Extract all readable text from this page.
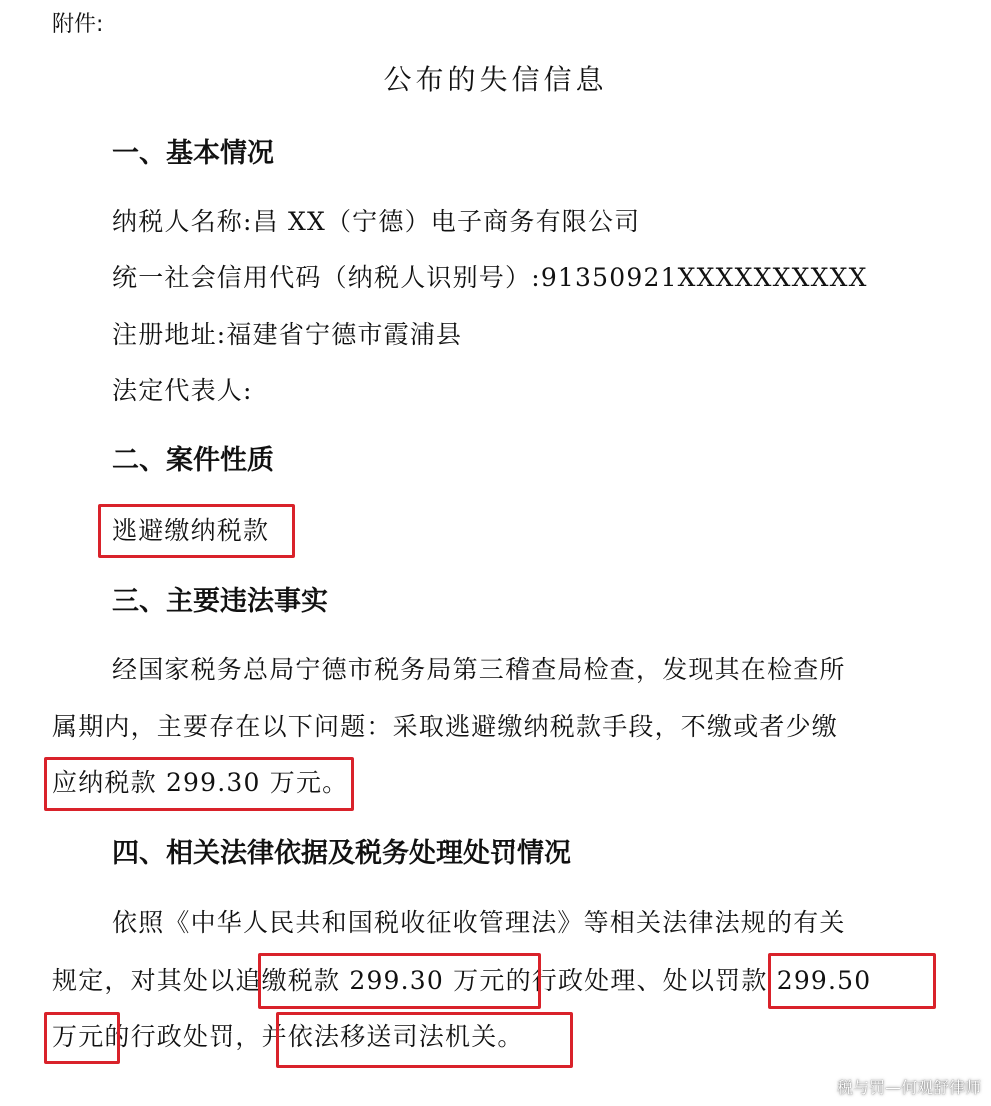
附件:
公布的失信信息
一、基本情况
纳税人名称:昌 XX（宁德）电子商务有限公司
统一社会信用代码（纳税人识别号）:91350921XXXXXXXXXX
注册地址:福建省宁德市霞浦县
法定代表人:
二、案件性质
逃避缴纳税款
三、主要违法事实
经国家税务总局宁德市税务局第三稽查局检查，发现其在检查所
属期内，主要存在以下问题：采取逃避缴纳税款手段，不缴或者少缴
应纳税款 299.30 万元。
四、相关法律依据及税务处理处罚情况
依照《中华人民共和国税收征收管理法》等相关法律法规的有关
规定，对其处以追缴税款 299.30 万元的行政处理、处以罚款 299.50
万元的行政处罚，并依法移送司法机关。
税与罚—何观舒律师
